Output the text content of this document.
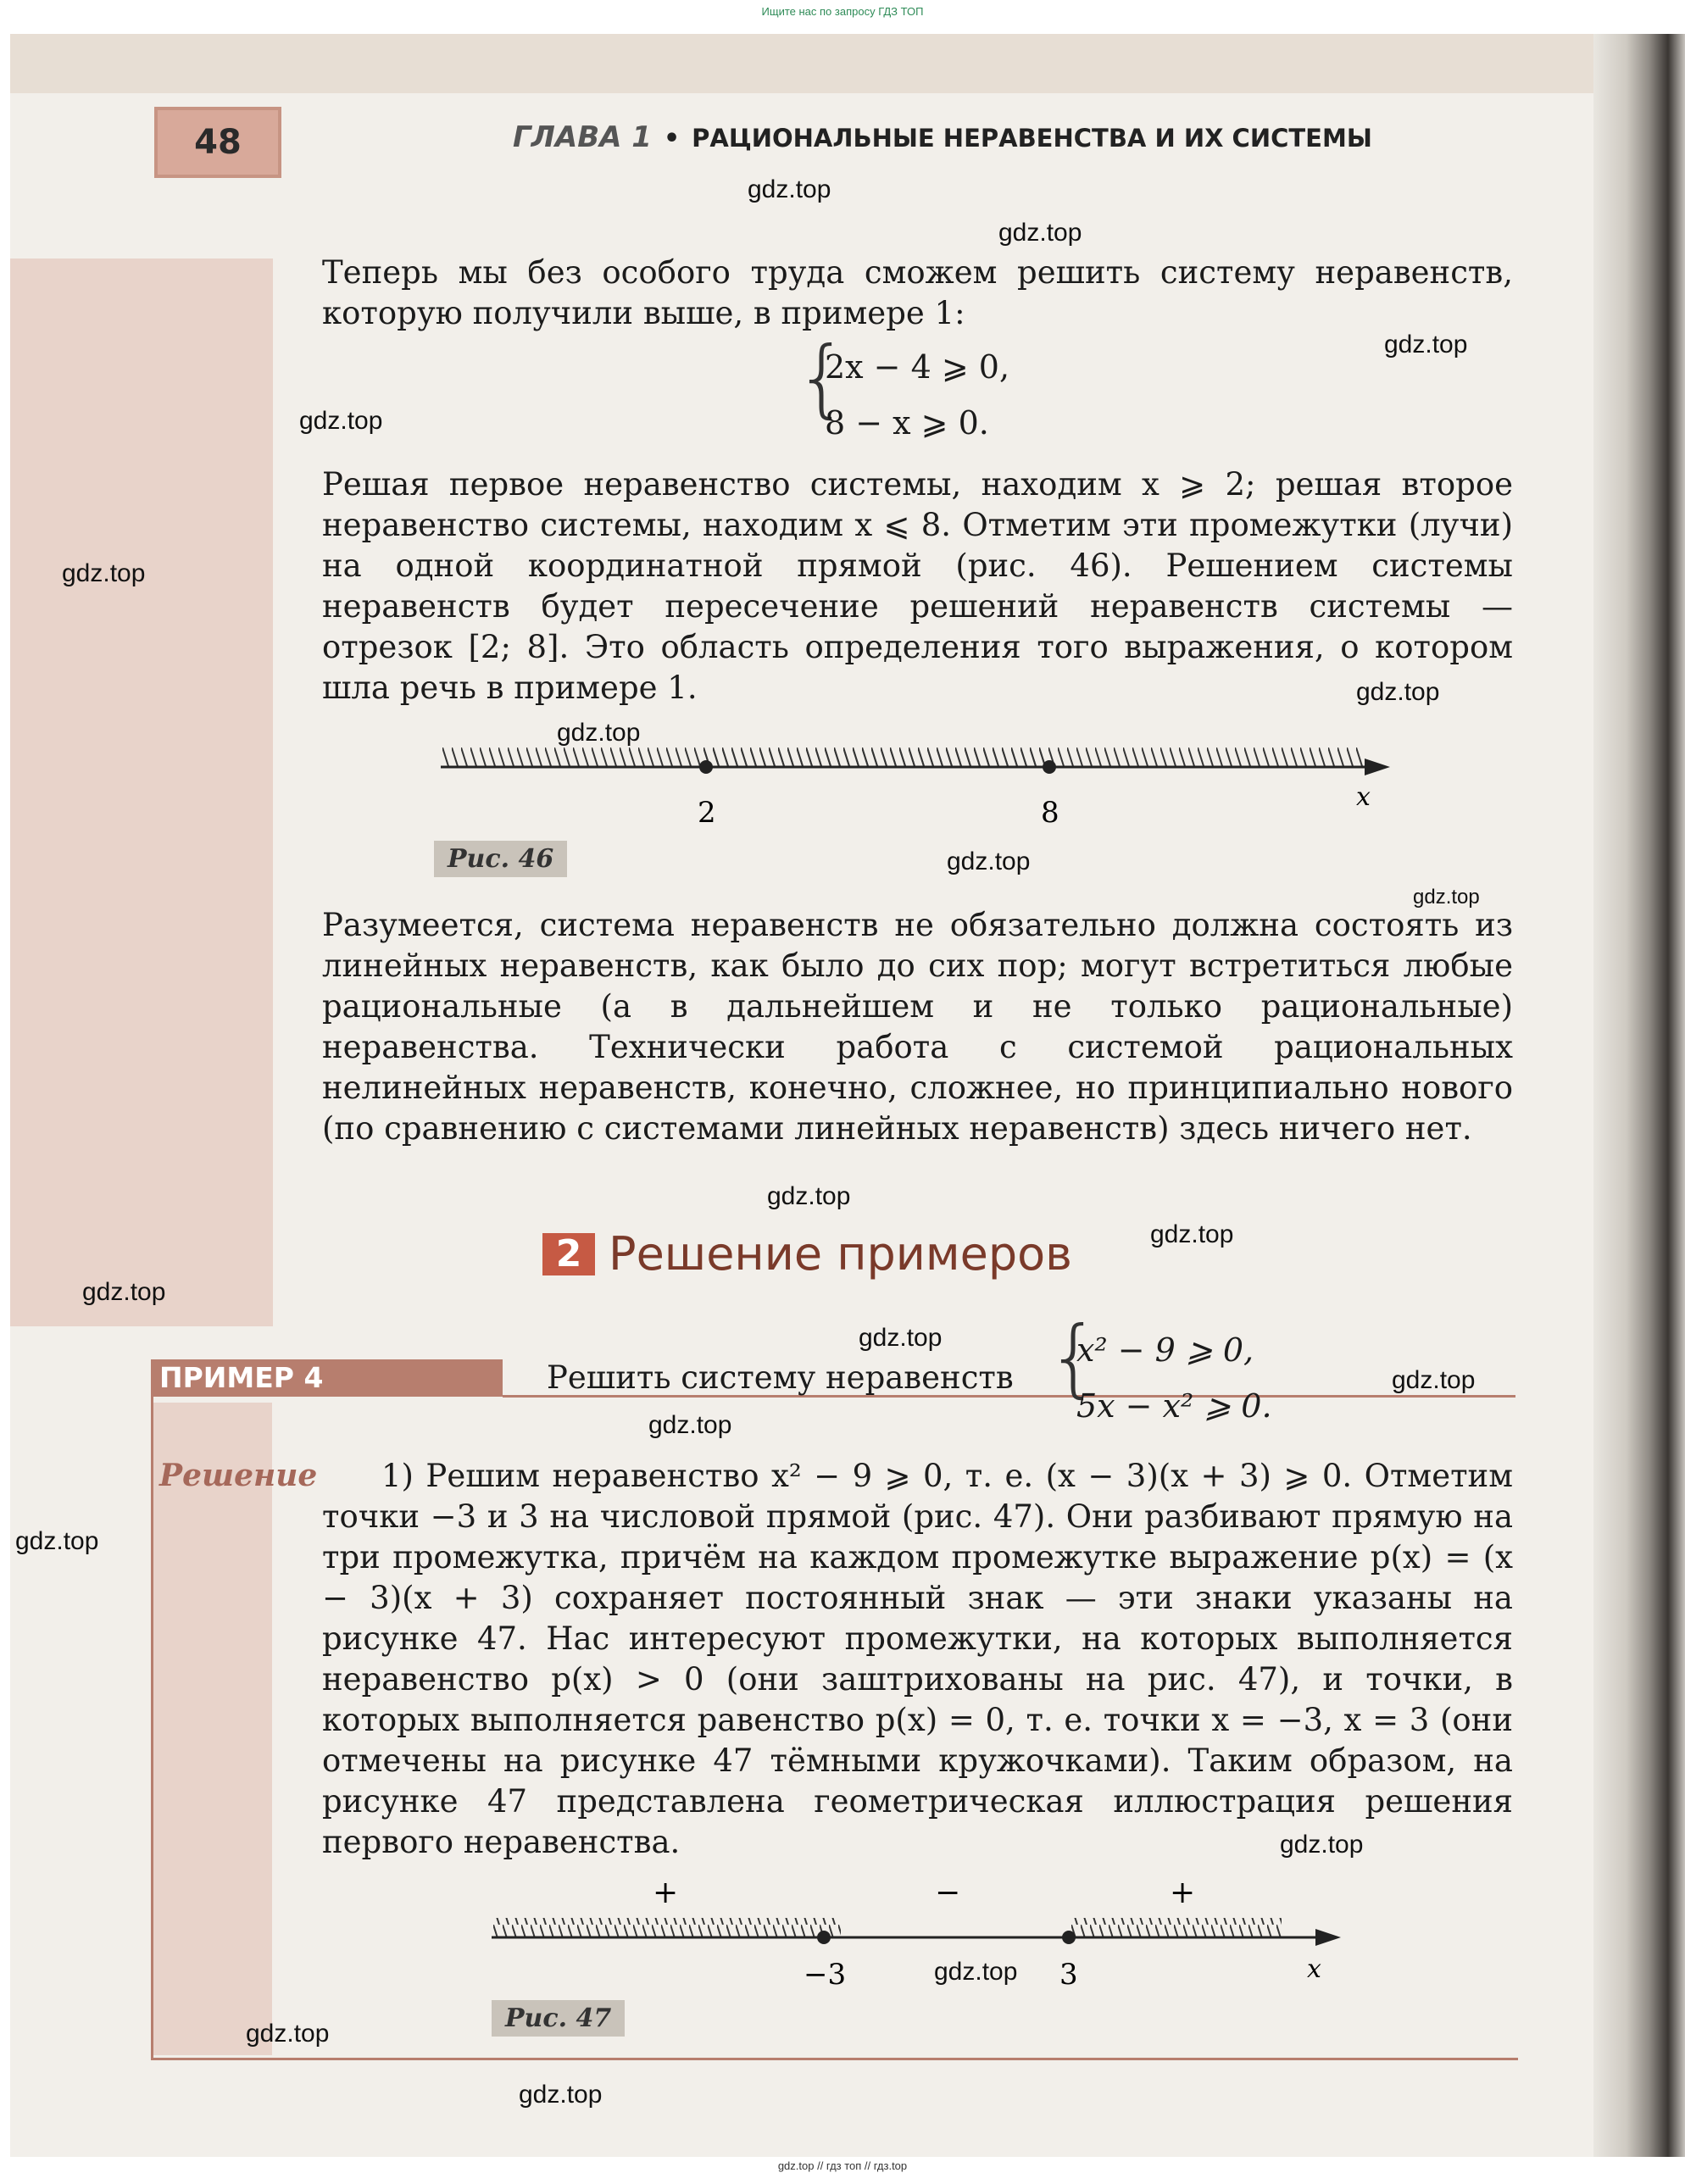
Ищите нас по запросу ГДЗ ТОП
48	ГЛАВА 1 • РАЦИОНАЛЬНЫЕ НЕРАВЕНСТВА И ИХ СИСТЕМЫ
Теперь мы без особого труда сможем решить систему неравенств, которую получили выше, в примере 1:
{
2x − 4 ⩾ 0,
8 − x ⩾ 0.
Решая первое неравенство системы, находим x ⩾ 2; решая второе неравенство системы, находим x ⩽ 8. Отметим эти промежутки (лучи) на одной координатной прямой (рис. 46). Решением системы неравенств будет пересечение решений неравенств системы — отрезок [2; 8]. Это область определения того выражения, о котором шла речь в примере 1.
2	8	x
Рис. 46
Разумеется, система неравенств не обязательно должна состоять из линейных неравенств, как было до сих пор; могут встретиться любые рациональные (а в дальнейшем и не только рациональные) неравенства. Технически работа с системой рациональных нелинейных неравенств, конечно, сложнее, но принципиально нового (по сравнению с системами линейных неравенств) здесь ничего нет.
2 Решение примеров
ПРИМЕР 4	Решить систему неравенств {
x² − 9 ⩾ 0,
5x − x² ⩾ 0.
Решение	1) Решим неравенство x² − 9 ⩾ 0, т. е. (x − 3)(x + 3) ⩾ 0. Отметим точки −3 и 3 на числовой прямой (рис. 47). Они разбивают прямую на три промежутка, причём на каждом промежутке выражение p(x) = (x − 3)(x + 3) сохраняет постоянный знак — эти знаки указаны на рисунке 47. Нас интересуют промежутки, на которых выполняется неравенство p(x) > 0 (они заштрихованы на рис. 47), и точки, в которых выполняется равенство p(x) = 0, т. е. точки x = −3, x = 3 (они отмечены на рисунке 47 тёмными кружочками). Таким образом, на рисунке 47 представлена геометрическая иллюстрация решения первого неравенства.
+	−	+
−3	3	x
Рис. 47
gdz.top
gdz.top
gdz.top
gdz.top
gdz.top
gdz.top
gdz.top
gdz.top
gdz.top
gdz.top
gdz.top
gdz.top
gdz.top
gdz.top
gdz.top
gdz.top
gdz.top
gdz.top
gdz.top
gdz.top
gdz.top // гдз топ // гдз.top
